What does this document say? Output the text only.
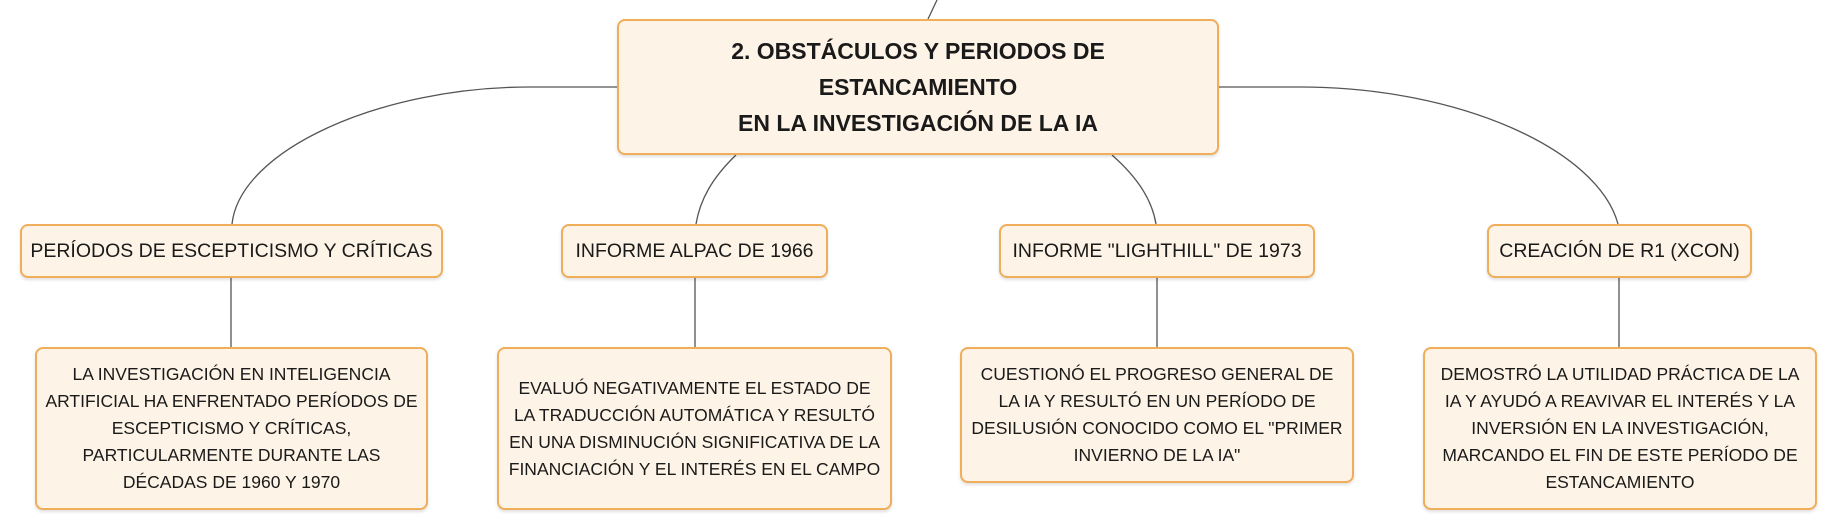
2. OBSTÁCULOS Y PERIODOS DE ESTANCAMIENTO
EN LA INVESTIGACIÓN DE LA IA
PERÍODOS DE ESCEPTICISMO Y CRÍTICAS
LA INVESTIGACIÓN EN INTELIGENCIA ARTIFICIAL HA ENFRENTADO PERÍODOS DE ESCEPTICISMO Y CRÍTICAS, PARTICULARMENTE DURANTE LAS DÉCADAS DE 1960 Y 1970
INFORME ALPAC DE 1966
EVALUÓ NEGATIVAMENTE EL ESTADO DE LA TRADUCCIÓN AUTOMÁTICA Y RESULTÓ EN UNA DISMINUCIÓN SIGNIFICATIVA DE LA FINANCIACIÓN Y EL INTERÉS EN EL CAMPO
INFORME "LIGHTHILL" DE 1973
CUESTIONÓ EL PROGRESO GENERAL DE LA IA Y RESULTÓ EN UN PERÍODO DE DESILUSIÓN CONOCIDO COMO EL "PRIMER INVIERNO DE LA IA"
CREACIÓN DE R1 (XCON)
DEMOSTRÓ LA UTILIDAD PRÁCTICA DE LA IA Y AYUDÓ A REAVIVAR EL INTERÉS Y LA INVERSIÓN EN LA INVESTIGACIÓN, MARCANDO EL FIN DE ESTE PERÍODO DE ESTANCAMIENTO
